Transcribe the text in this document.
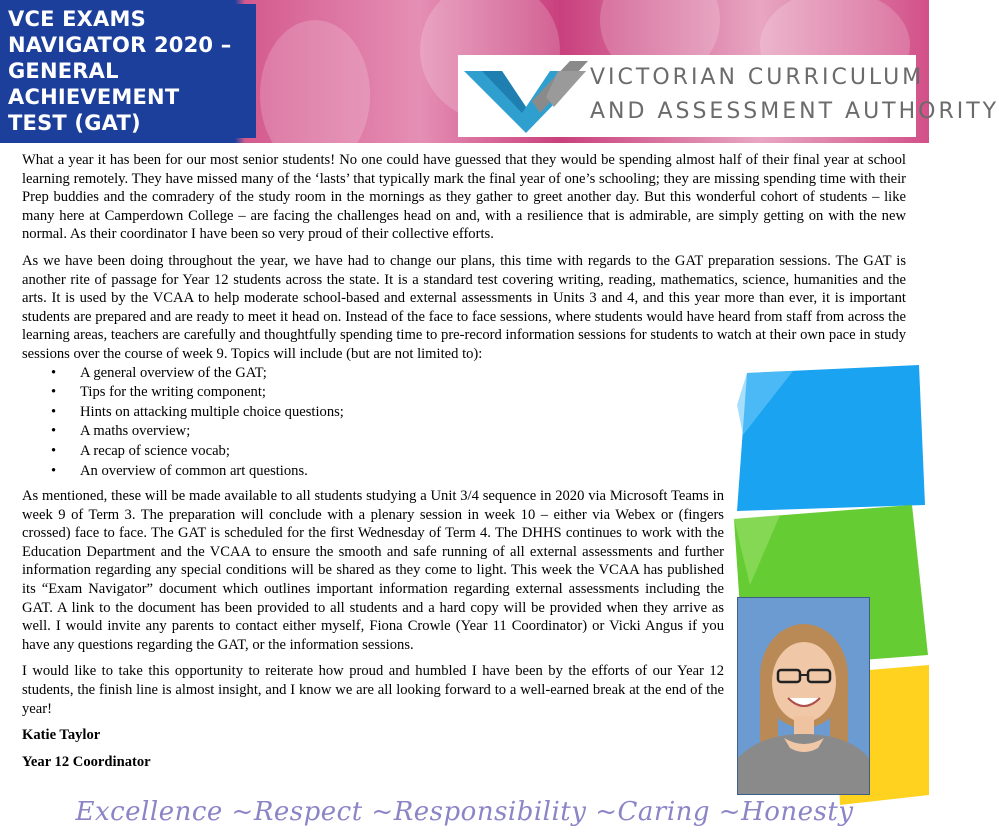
VCE EXAMS
NAVIGATOR 2020 –
GENERAL
ACHIEVEMENT
TEST (GAT)
VICTORIAN CURRICULUM
AND ASSESSMENT AUTHORITY

What a year it has been for our most senior students! No one could have guessed that they would be spending almost half of their final year at school learning remotely. They have missed many of the ‘lasts’ that typically mark the final year of one’s schooling; they are missing spending time with their Prep buddies and the comradery of the study room in the mornings as they gather to greet another day. But this wonderful cohort of students – like many here at Camperdown College – are facing the challenges head on and, with a resilience that is admirable, are simply getting on with the new normal. As their coordinator I have been so very proud of their collective efforts.

As we have been doing throughout the year, we have had to change our plans, this time with regards to the GAT preparation sessions. The GAT is another rite of passage for Year 12 students across the state. It is a standard test covering writing, reading, mathematics, science, humanities and the arts. It is used by the VCAA to help moderate school-based and external assessments in Units 3 and 4, and this year more than ever, it is important students are prepared and are ready to meet it head on. Instead of the face to face sessions, where students would have heard from staff from across the learning areas, teachers are carefully and thoughtfully spending time to pre-record information sessions for students to watch at their own pace in study sessions over the course of week 9. Topics will include (but are not limited to):

• A general overview of the GAT;
• Tips for the writing component;
• Hints on attacking multiple choice questions;
• A maths overview;
• A recap of science vocab;
• An overview of common art questions.

As mentioned, these will be made available to all students studying a Unit 3/4 sequence in 2020 via Microsoft Teams in week 9 of Term 3. The preparation will conclude with a plenary session in week 10 – either via Webex or (fingers crossed) face to face. The GAT is scheduled for the first Wednesday of Term 4. The DHHS continues to work with the Education Department and the VCAA to ensure the smooth and safe running of all external assessments and further information regarding any special conditions will be shared as they come to light. This week the VCAA has published its “Exam Navigator” document which outlines important information regarding external assessments including the GAT. A link to the document has been provided to all students and a hard copy will be provided when they arrive as well. I would invite any parents to contact either myself, Fiona Crowle (Year 11 Coordinator) or Vicki Angus if you have any questions regarding the GAT, or the information sessions.

I would like to take this opportunity to reiterate how proud and humbled I have been by the efforts of our Year 12 students, the finish line is almost insight, and I know we are all looking forward to a well-earned break at the end of the year!

Katie Taylor

Year 12 Coordinator

Excellence ~Respect ~Responsibility ~Caring ~Honesty
